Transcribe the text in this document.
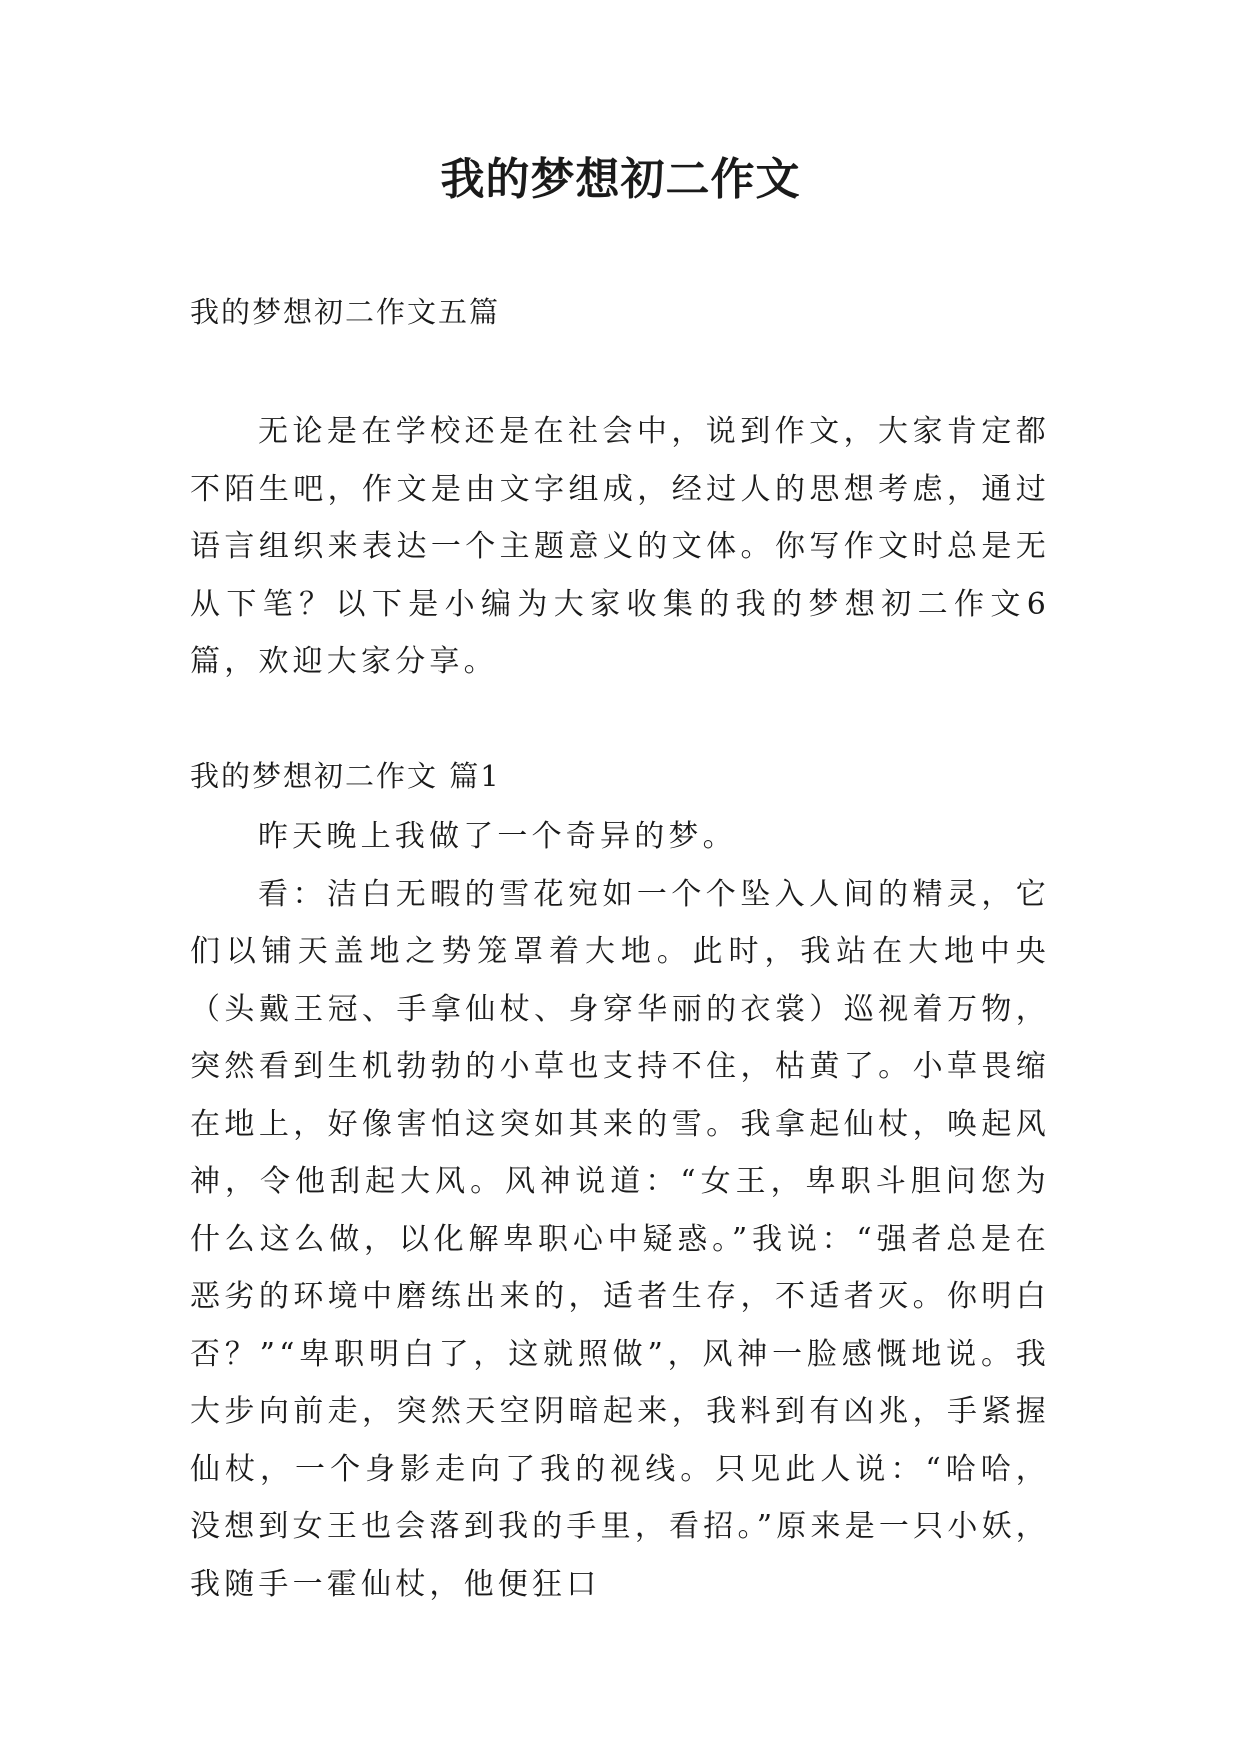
我的梦想初二作文

我的梦想初二作文五篇

无论是在学校还是在社会中，说到作文，大家肯定都不陌生吧，作文是由文字组成，经过人的思想考虑，通过语言组织来表达一个主题意义的文体。你写作文时总是无从下笔？以下是小编为大家收集的我的梦想初二作文6篇，欢迎大家分享。

我的梦想初二作文 篇1

昨天晚上我做了一个奇异的梦。

看：洁白无暇的雪花宛如一个个坠入人间的精灵，它们以铺天盖地之势笼罩着大地。此时，我站在大地中央（头戴王冠、手拿仙杖、身穿华丽的衣裳）巡视着万物，突然看到生机勃勃的小草也支持不住，枯黄了。小草畏缩在地上，好像害怕这突如其来的雪。我拿起仙杖，唤起风神，令他刮起大风。风神说道：“女王，卑职斗胆问您为什么这么做，以化解卑职心中疑惑。”我说：“强者总是在恶劣的环境中磨练出来的，适者生存，不适者灭。你明白否？”“卑职明白了，这就照做”，风神一脸感慨地说。我大步向前走，突然天空阴暗起来，我料到有凶兆，手紧握仙杖，一个身影走向了我的视线。只见此人说：“哈哈，没想到女王也会落到我的手里，看招。”原来是一只小妖，我随手一霍仙杖，他便狂口
